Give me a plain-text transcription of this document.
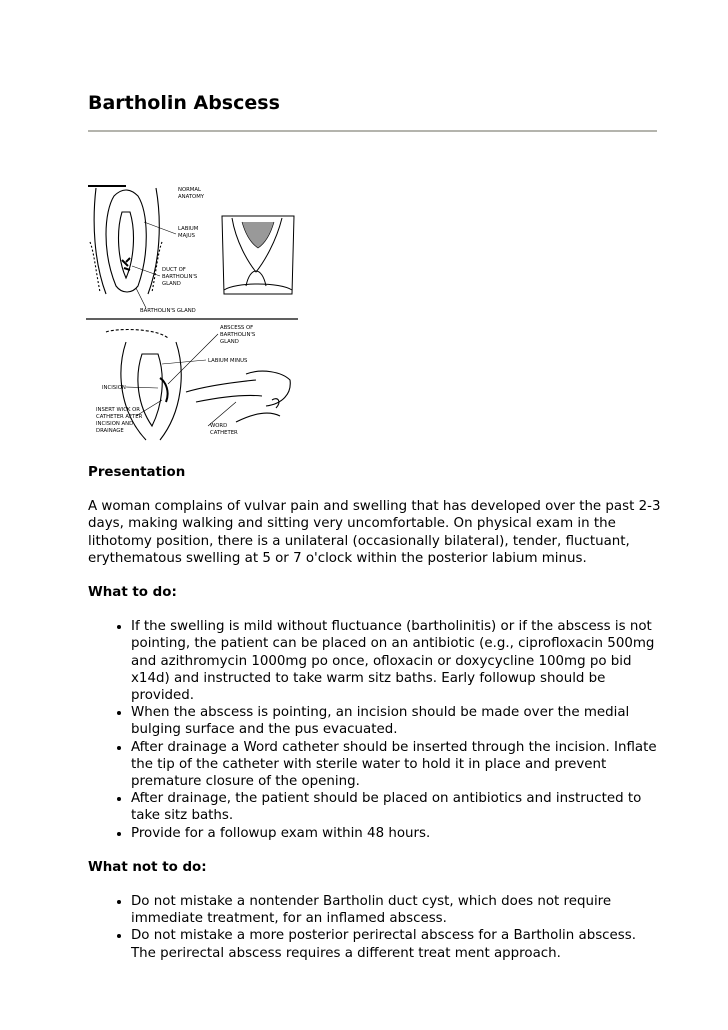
Bartholin Abscess
NORMAL
ANATOMY
LABIUM
MAJUS
DUCT OF
BARTHOLIN'S
GLAND
BARTHOLIN'S GLAND
ABSCESS OF
BARTHOLIN'S
GLAND
LABIUM MINUS
INCISION
INSERT WICK OR
CATHETER AFTER
INCISION AND
DRAINAGE
WORD
CATHETER
Presentation

A woman complains of vulvar pain and swelling that has developed over the past 2-3 days, making walking and sitting very uncomfortable. On physical exam in the lithotomy position, there is a unilateral (occasionally bilateral), tender, fluctuant, erythematous swelling at 5 or 7 o'clock within the posterior labium minus.

What to do:
• If the swelling is mild without fluctuance (bartholinitis) or if the abscess is not pointing, the patient can be placed on an antibiotic (e.g., ciprofloxacin 500mg and azithromycin 1000mg po once, ofloxacin or doxycycline 100mg po bid x14d) and instructed to take warm sitz baths. Early followup should be provided.
• When the abscess is pointing, an incision should be made over the medial bulging surface and the pus evacuated.
• After drainage a Word catheter should be inserted through the incision. Inflate the tip of the catheter with sterile water to hold it in place and prevent premature closure of the opening.
• After drainage, the patient should be placed on antibiotics and instructed to take sitz baths.
• Provide for a followup exam within 48 hours.
What not to do:
• Do not mistake a nontender Bartholin duct cyst, which does not require immediate treatment, for an inflamed abscess.
• Do not mistake a more posterior perirectal abscess for a Bartholin abscess. The perirectal abscess requires a different treat ment approach.
